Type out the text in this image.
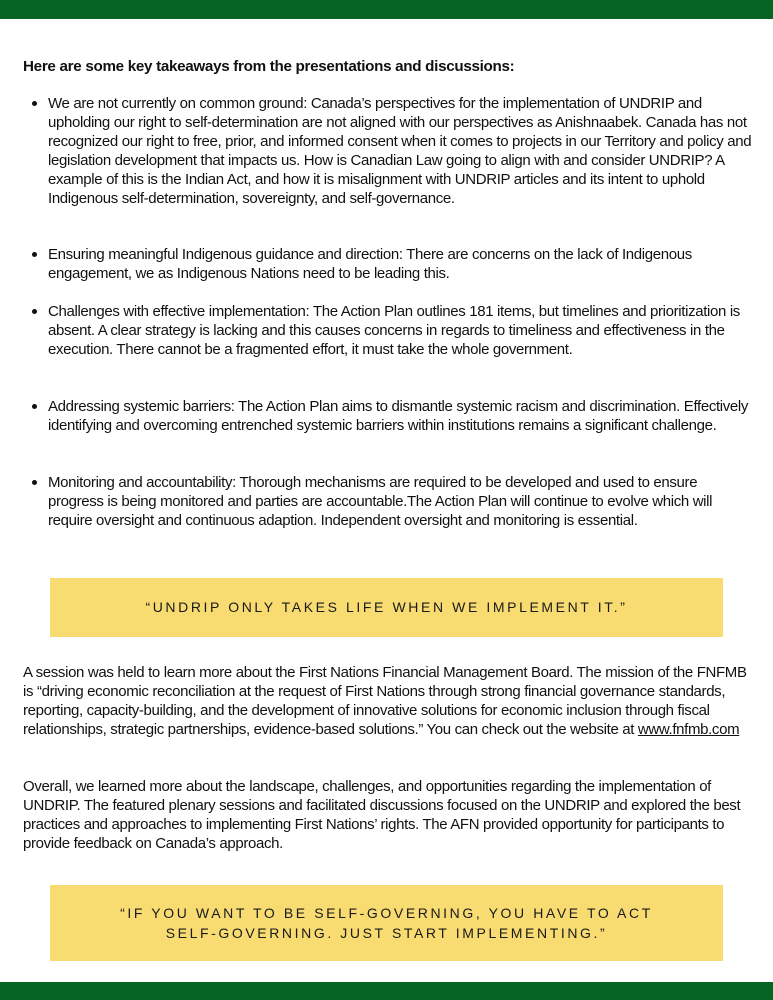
Here are some key takeaways from the presentations and discussions:
We are not currently on common ground: Canada’s perspectives for the implementation of UNDRIP and upholding our right to self-determination are not aligned with our perspectives as Anishnaabek. Canada has not recognized our right to free, prior, and informed consent when it comes to projects in our Territory and policy and legislation development that impacts us. How is Canadian Law going to align with and consider UNDRIP? A example of this is the Indian Act, and how it is misalignment with UNDRIP articles and its intent to uphold Indigenous self-determination, sovereignty, and self-governance.
Ensuring meaningful Indigenous guidance and direction: There are concerns on the lack of Indigenous engagement, we as Indigenous Nations need to be leading this.
Challenges with effective implementation: The Action Plan outlines 181 items, but timelines and prioritization is absent. A clear strategy is lacking and this causes concerns in regards to timeliness and effectiveness in the execution. There cannot be a fragmented effort, it must take the whole government.
Addressing systemic barriers: The Action Plan aims to dismantle systemic racism and discrimination. Effectively identifying and overcoming entrenched systemic barriers within institutions remains a significant challenge.
Monitoring and accountability: Thorough mechanisms are required to be developed and used to ensure progress is being monitored and parties are accountable.The Action Plan will continue to evolve which will require oversight and continuous adaption. Independent oversight and monitoring is essential.
“UNDRIP ONLY TAKES LIFE WHEN WE IMPLEMENT IT.”
A session was held to learn more about the First Nations Financial Management Board. The mission of the FNFMB is “driving economic reconciliation at the request of First Nations through strong financial governance standards, reporting, capacity-building, and the development of innovative solutions for economic inclusion through fiscal relationships, strategic partnerships, evidence-based solutions.” You can check out the website at www.fnfmb.com
Overall, we learned more about the landscape, challenges, and opportunities regarding the implementation of UNDRIP. The featured plenary sessions and facilitated discussions focused on the UNDRIP and explored the best practices and approaches to implementing First Nations’ rights. The AFN provided opportunity for participants to provide feedback on Canada’s approach.
“IF YOU WANT TO BE SELF-GOVERNING, YOU HAVE TO ACT
SELF-GOVERNING. JUST START IMPLEMENTING.”
